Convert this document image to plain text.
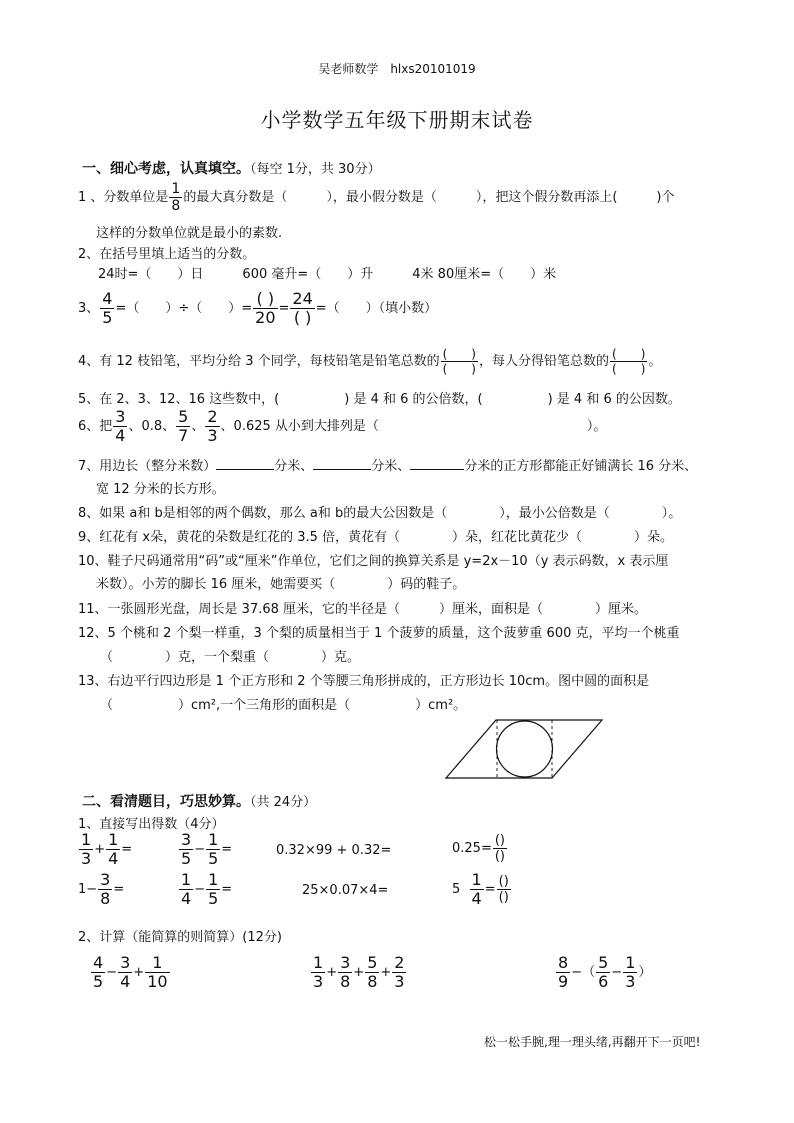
吴老师数学　hlxs20101019
小学数学五年级下册期末试卷
一、细心考虑，认真填空。（每空 1分，共 30分）
1 、分数单位是 $\frac{1}{8}$ 的最大真分数是（　　　），最小假分数是（　　　），把这个假分数再添上(　　　)个
这样的分数单位就是最小的素数.
2、在括号里填上适当的分数。
24时=（　　）日　　　600 毫升=（　　）升　　　4米 80厘米=（　　）米
3、 $\frac{4}{5}$ =（　　）÷（　　）= $\frac{( )}{20} = \frac{24}{( )}$ =（　　）（填小数）
4、有 12 枝铅笔，平均分给 3 个同学，每枝铅笔是铅笔总数的 $\frac{( )}{( )}$ ，每人分得铅笔总数的 $\frac{( )}{( )}$ 。
5、在 2、3、12、16 这些数中，(　　　　　) 是 4 和 6 的公倍数，(　　　　　) 是 4 和 6 的公因数。
6、把 $\frac{3}{4}$ 、0.8、 $\frac{5}{7}$ 、 $\frac{2}{3}$ 、0.625 从小到大排列是（　　　　　　　　　　　　　　　　）。
7、用边长（整分米数）	分米、	分米、	分米的正方形都能正好铺满长 16 分米、
宽 12 分米的长方形。
8、如果 a和 b是相邻的两个偶数，那么 a和 b的最大公因数是（　　　　），最小公倍数是（　　　　）。
9、红花有 x朵，黄花的朵数是红花的 3.5 倍，黄花有（　　　　）朵，红花比黄花少（　　　　）朵。
10、鞋子尺码通常用“码”或“厘米”作单位，它们之间的换算关系是 y=2x－10（y 表示码数，x 表示厘
米数）。小芳的脚长 16 厘米，她需要买（　　　　）码的鞋子。
11、一张圆形光盘，周长是 37.68 厘米，它的半径是（　　　）厘米，面积是（　　　　）厘米。
12、5 个桃和 2 个梨一样重，3 个梨的质量相当于 1 个菠萝的质量，这个菠萝重 600 克，平均一个桃重
（　　　　）克，一个梨重（　　　　）克。
13、右边平行四边形是 1 个正方形和 2 个等腰三角形拼成的，正方形边长 10cm。图中圆的面积是
（　　　　　）cm²,一个三角形的面积是（　　　　　）cm²。
二、看清题目，巧思妙算。（共 24分）
1、直接写出得数（4分）
$\frac{1}{3} + \frac{1}{4}$ =	$\frac{3}{5} - \frac{1}{5}$ =	0.32×99 + 0.32=	$0.25= \frac{()}{()}$
$1- \frac{3}{8}$ =	$\frac{1}{4} - \frac{1}{5}$ =	25×0.07×4=	$5 \frac{1}{4} = \frac{()}{()}$
2、计算（能简算的则简算）(12分)
$\frac{4}{5} - \frac{3}{4} + \frac{1}{10}$	$\frac{1}{3} + \frac{3}{8} + \frac{5}{8} + \frac{2}{3}$	$\frac{8}{9}$ −（ $\frac{5}{6} - \frac{1}{3}$ ）
松一松手腕,理一理头绪,再翻开下一页吧!
